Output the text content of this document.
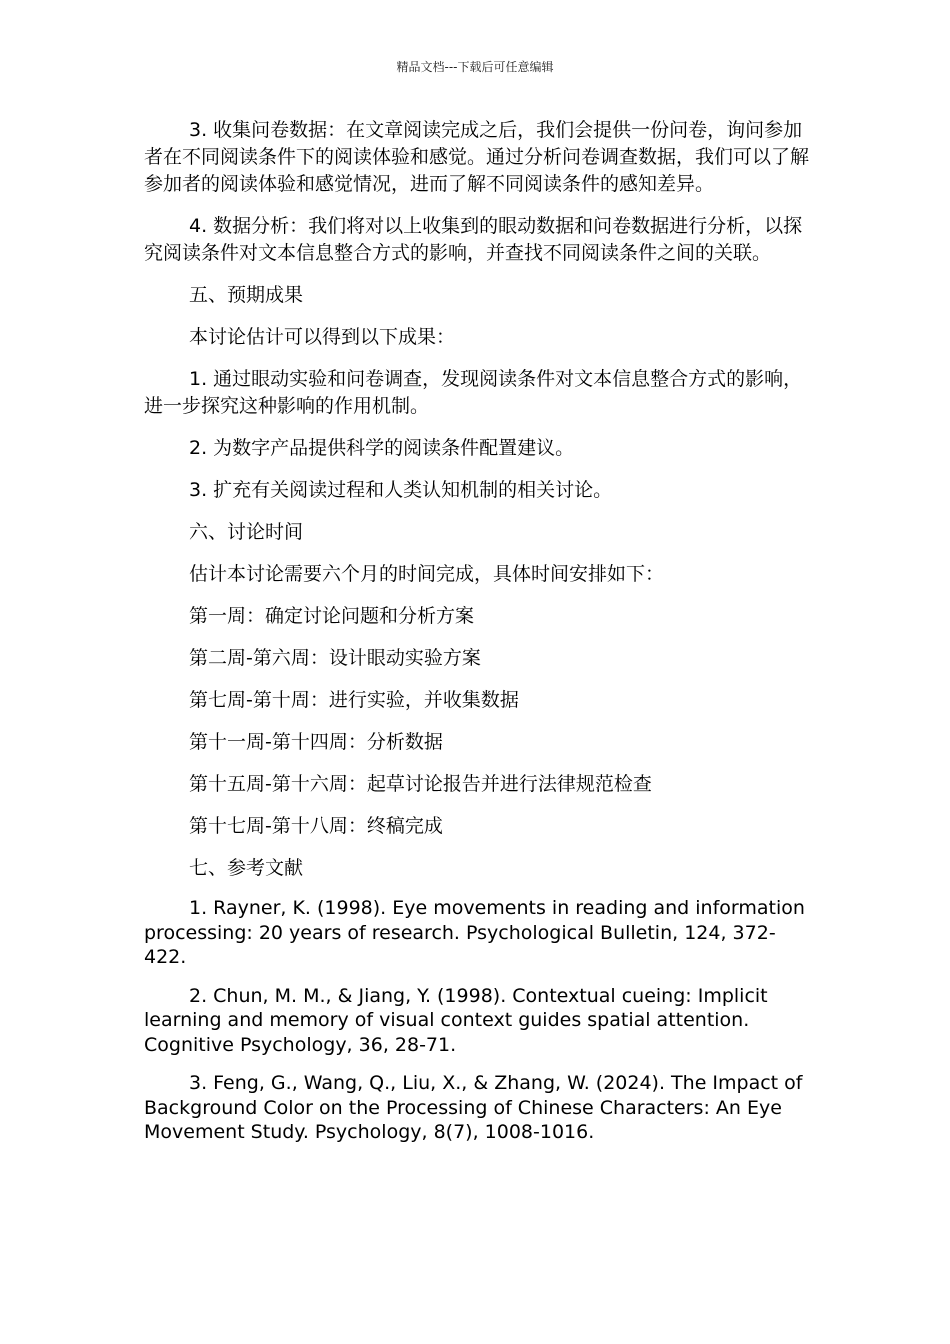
精品文档---下载后可任意编辑

3. 收集问卷数据：在文章阅读完成之后，我们会提供一份问卷，询问参加者在不同阅读条件下的阅读体验和感觉。通过分析问卷调查数据，我们可以了解参加者的阅读体验和感觉情况，进而了解不同阅读条件的感知差异。

4. 数据分析：我们将对以上收集到的眼动数据和问卷数据进行分析，以探究阅读条件对文本信息整合方式的影响，并查找不同阅读条件之间的关联。

五、预期成果

本讨论估计可以得到以下成果：

1. 通过眼动实验和问卷调查，发现阅读条件对文本信息整合方式的影响，进一步探究这种影响的作用机制。

2. 为数字产品提供科学的阅读条件配置建议。

3. 扩充有关阅读过程和人类认知机制的相关讨论。

六、讨论时间

估计本讨论需要六个月的时间完成，具体时间安排如下：

第一周：确定讨论问题和分析方案

第二周-第六周：设计眼动实验方案

第七周-第十周：进行实验，并收集数据

第十一周-第十四周：分析数据

第十五周-第十六周：起草讨论报告并进行法律规范检查

第十七周-第十八周：终稿完成

七、参考文献

1. Rayner, K. (1998). Eye movements in reading and information processing: 20 years of research. Psychological Bulletin, 124, 372-422.

2. Chun, M. M., & Jiang, Y. (1998). Contextual cueing: Implicit learning and memory of visual context guides spatial attention. Cognitive Psychology, 36, 28-71.

3. Feng, G., Wang, Q., Liu, X., & Zhang, W. (2024). The Impact of Background Color on the Processing of Chinese Characters: An Eye Movement Study. Psychology, 8(7), 1008-1016.
